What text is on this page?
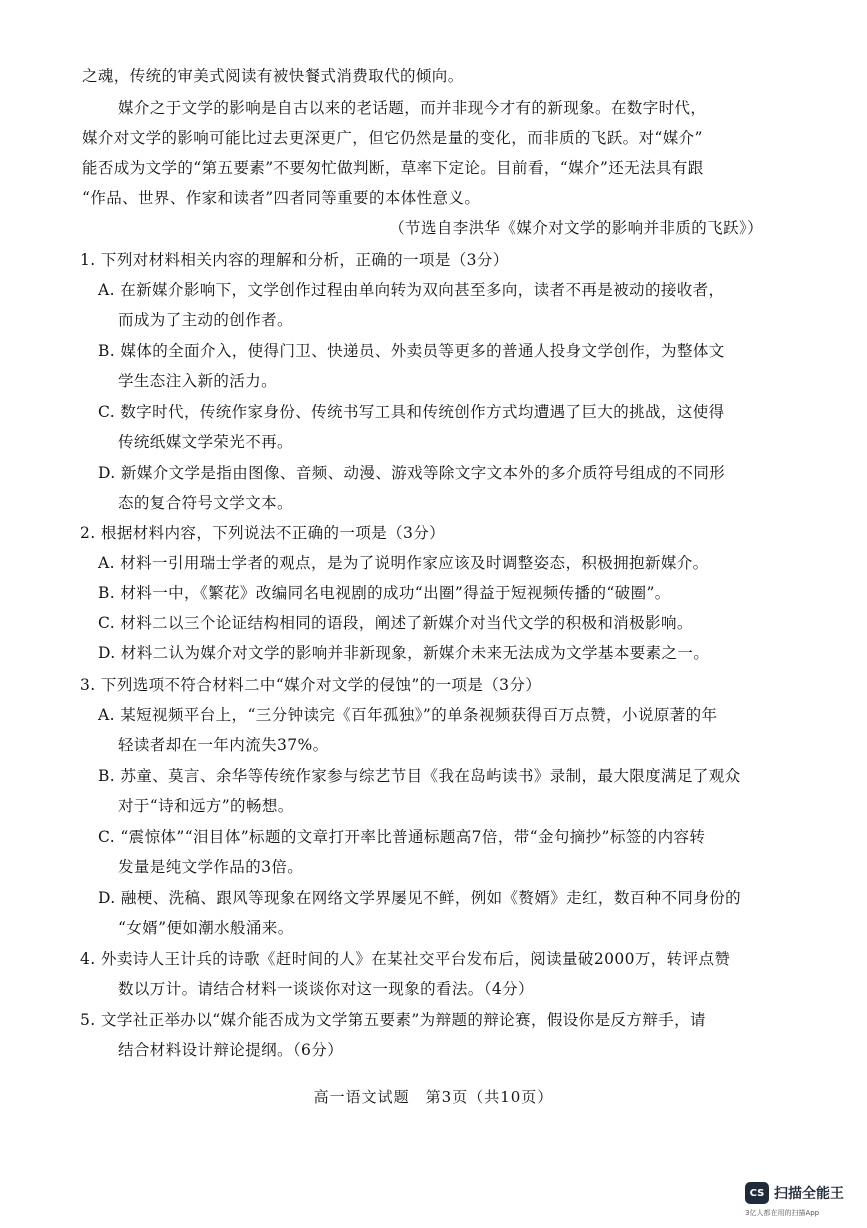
之魂，传统的审美式阅读有被快餐式消费取代的倾向。
媒介之于文学的影响是自古以来的老话题，而并非现今才有的新现象。在数字时代，
媒介对文学的影响可能比过去更深更广，但它仍然是量的变化，而非质的飞跃。对“媒介”
能否成为文学的“第五要素”不要匆忙做判断，草率下定论。目前看，“媒介”还无法具有跟
“作品、世界、作家和读者”四者同等重要的本体性意义。
（节选自李洪华《媒介对文学的影响并非质的飞跃》）
1. 下列对材料相关内容的理解和分析，正确的一项是（3分）
A. 在新媒介影响下，文学创作过程由单向转为双向甚至多向，读者不再是被动的接收者，
而成为了主动的创作者。
B. 媒体的全面介入，使得门卫、快递员、外卖员等更多的普通人投身文学创作，为整体文
学生态注入新的活力。
C. 数字时代，传统作家身份、传统书写工具和传统创作方式均遭遇了巨大的挑战，这使得
传统纸媒文学荣光不再。
D. 新媒介文学是指由图像、音频、动漫、游戏等除文字文本外的多介质符号组成的不同形
态的复合符号文学文本。
2. 根据材料内容，下列说法不正确的一项是（3分）
A. 材料一引用瑞士学者的观点，是为了说明作家应该及时调整姿态，积极拥抱新媒介。
B. 材料一中，《繁花》改编同名电视剧的成功“出圈”得益于短视频传播的“破圈”。
C. 材料二以三个论证结构相同的语段，阐述了新媒介对当代文学的积极和消极影响。
D. 材料二认为媒介对文学的影响并非新现象，新媒介未来无法成为文学基本要素之一。
3. 下列选项不符合材料二中“媒介对文学的侵蚀”的一项是（3分）
A. 某短视频平台上，“三分钟读完《百年孤独》”的单条视频获得百万点赞，小说原著的年
轻读者却在一年内流失37%。
B. 苏童、莫言、余华等传统作家参与综艺节目《我在岛屿读书》录制，最大限度满足了观众
对于“诗和远方”的畅想。
C. “震惊体”“泪目体”标题的文章打开率比普通标题高7倍，带“金句摘抄”标签的内容转
发量是纯文学作品的3倍。
D. 融梗、洗稿、跟风等现象在网络文学界屡见不鲜，例如《赘婿》走红，数百种不同身份的
“女婿”便如潮水般涌来。
4. 外卖诗人王计兵的诗歌《赶时间的人》在某社交平台发布后，阅读量破2000万，转评点赞
数以万计。请结合材料一谈谈你对这一现象的看法。（4分）
5. 文学社正举办以“媒介能否成为文学第五要素”为辩题的辩论赛，假设你是反方辩手，请
结合材料设计辩论提纲。（6分）
高一语文试题　第3页（共10页）
CS 扫描全能王
3亿人都在用的扫描App
